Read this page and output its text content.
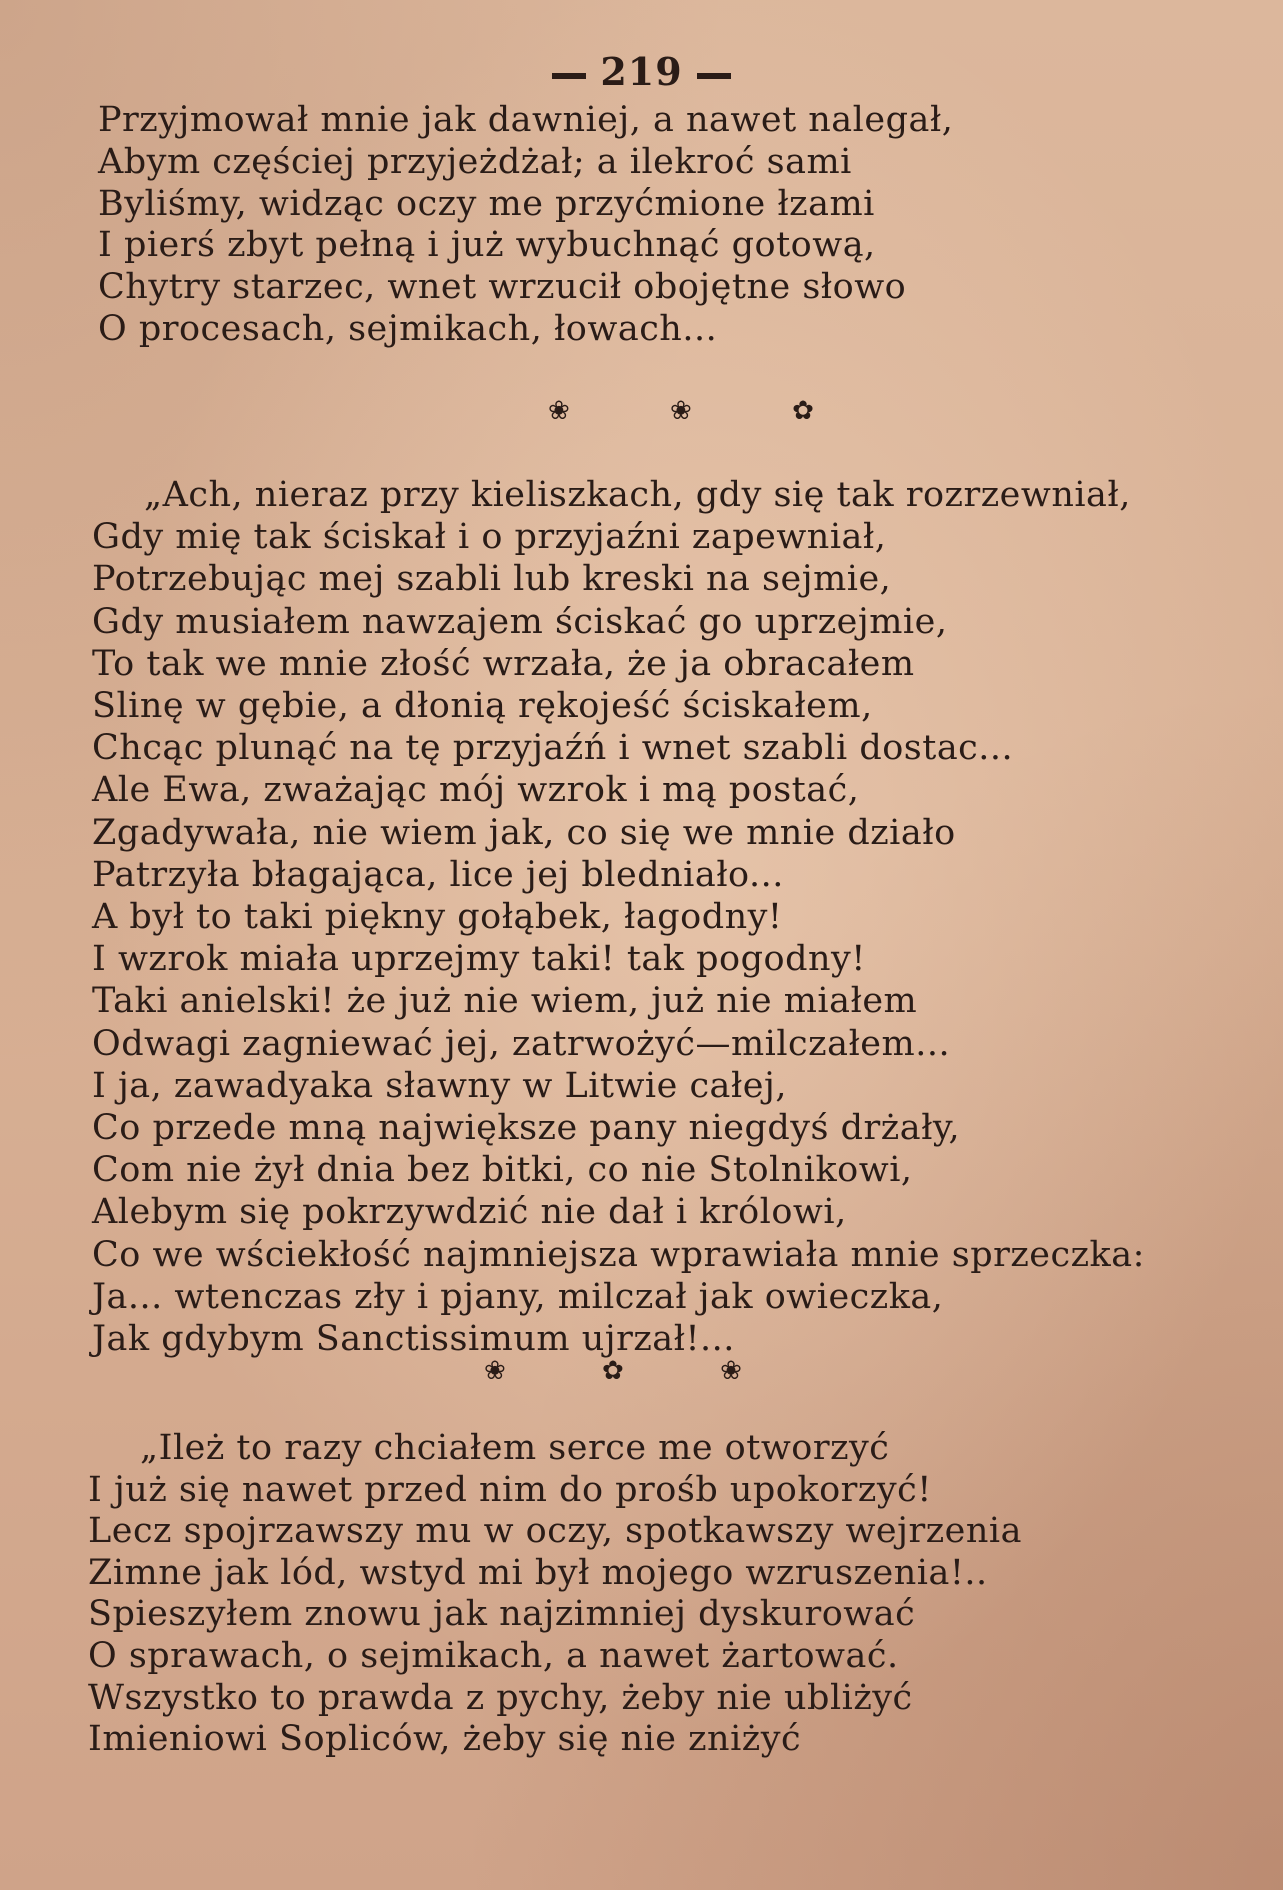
219
Przyjmował mnie jak dawniej, a nawet nalegał,
Abym częściej przyjeżdżał; a ilekroć sami
Byliśmy, widząc oczy me przyćmione łzami
I pierś zbyt pełną i już wybuchnąć gotową,
Chytry starzec, wnet wrzucił obojętne słowo
O procesach, sejmikach, łowach...
❀ ❀ ✿
„Ach, nieraz przy kieliszkach, gdy się tak rozrzewniał,
Gdy mię tak ściskał i o przyjaźni zapewniał,
Potrzebując mej szabli lub kreski na sejmie,
Gdy musiałem nawzajem ściskać go uprzejmie,
To tak we mnie złość wrzała, że ja obracałem
Slinę w gębie, a dłonią rękojeść ściskałem,
Chcąc plunąć na tę przyjaźń i wnet szabli dostac...
Ale Ewa, zważając mój wzrok i mą postać,
Zgadywała, nie wiem jak, co się we mnie działo
Patrzyła błagająca, lice jej bledniało...
A był to taki piękny gołąbek, łagodny!
I wzrok miała uprzejmy taki! tak pogodny!
Taki anielski! że już nie wiem, już nie miałem
Odwagi zagniewać jej, zatrwożyć—milczałem...
I ja, zawadyaka sławny w Litwie całej,
Co przede mną największe pany niegdyś drżały,
Com nie żył dnia bez bitki, co nie Stolnikowi,
Alebym się pokrzywdzić nie dał i królowi,
Co we wściekłość najmniejsza wprawiała mnie sprzeczka:
Ja... wtenczas zły i pjany, milczał jak owieczka,
Jak gdybym Sanctissimum ujrzał!...
❀ ✿ ❀
„Ileż to razy chciałem serce me otworzyć
I już się nawet przed nim do prośb upokorzyć!
Lecz spojrzawszy mu w oczy, spotkawszy wejrzenia
Zimne jak lód, wstyd mi był mojego wzruszenia!..
Spieszyłem znowu jak najzimniej dyskurować
O sprawach, o sejmikach, a nawet żartować.
Wszystko to prawda z pychy, żeby nie ubliżyć
Imieniowi Sopliców, żeby się nie zniżyć
